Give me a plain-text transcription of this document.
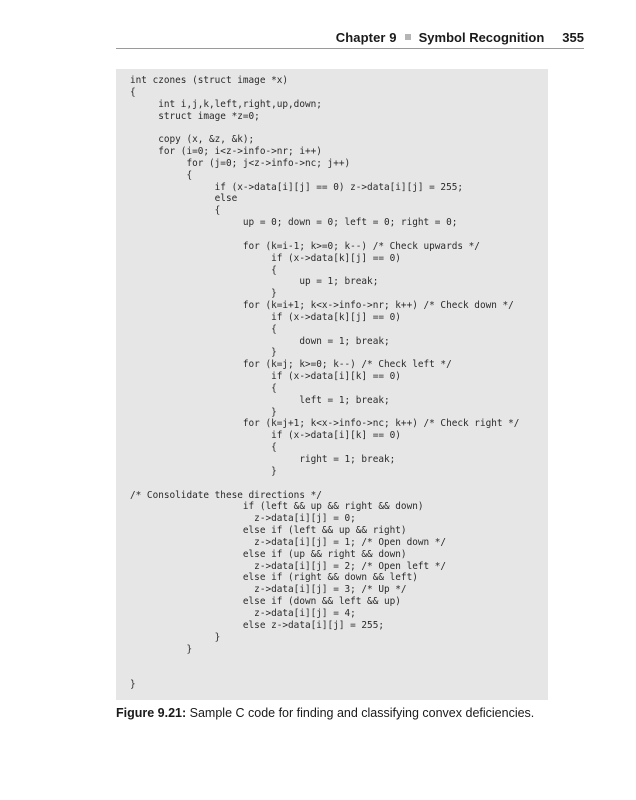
Chapter 9 Symbol Recognition 355
int czones (struct image *x)
{
int i,j,k,left,right,up,down;
struct image *z=0;
copy (x, &z, &k);
for (i=0; i<z->info->nr; i++)
for (j=0; j<z->info->nc; j++)
{
if (x->data[i][j] == 0) z->data[i][j] = 255;
else
{
up = 0; down = 0; left = 0; right = 0;
for (k=i-1; k>=0; k--) /* Check upwards */
if (x->data[k][j] == 0)
{
up = 1; break;
}
for (k=i+1; k<x->info->nr; k++) /* Check down */
if (x->data[k][j] == 0)
{
down = 1; break;
}
for (k=j; k>=0; k--) /* Check left */
if (x->data[i][k] == 0)
{
left = 1; break;
}
for (k=j+1; k<x->info->nc; k++) /* Check right */
if (x->data[i][k] == 0)
{
right = 1; break;
}
/* Consolidate these directions */
if (left && up && right && down)
z->data[i][j] = 0;
else if (left && up && right)
z->data[i][j] = 1; /* Open down */
else if (up && right && down)
z->data[i][j] = 2; /* Open left */
else if (right && down && left)
z->data[i][j] = 3; /* Up */
else if (down && left && up)
z->data[i][j] = 4;
else z->data[i][j] = 255;
}
}
}
Figure 9.21: Sample C code for finding and classifying convex deficiencies.
